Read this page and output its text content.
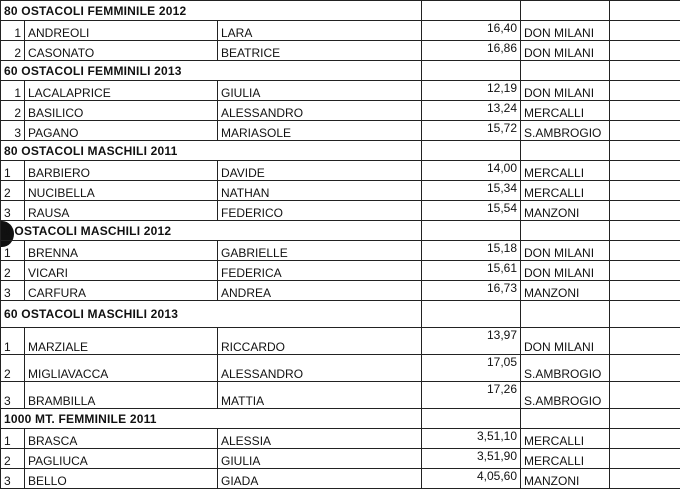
80 OSTACOLI FEMMINILE 2012					
1	ANDREOLI	LARA	16,40	DON MILANI	
2	CASONATO	BEATRICE	16,86	DON MILANI	
60 OSTACOLI FEMMINILI 2013					
1	LACALAPRICE	GIULIA	12,19	DON MILANI	
2	BASILICO	ALESSANDRO	13,24	MERCALLI	
3	PAGANO	MARIASOLE	15,72	S.AMBROGIO	
80 OSTACOLI MASCHILI 2011					
1	BARBIERO	DAVIDE	14,00	MERCALLI	
2	NUCIBELLA	NATHAN	15,34	MERCALLI	
3	RAUSA	FEDERICO	15,54	MANZONI	
0 OSTACOLI MASCHILI 2012					
1	BRENNA	GABRIELLE	15,18	DON MILANI	
2	VICARI	FEDERICA	15,61	DON MILANI	
3	CARFURA	ANDREA	16,73	MANZONI	
60 OSTACOLI MASCHILI 2013					
1	MARZIALE	RICCARDO	13,97	DON MILANI	
2	MIGLIAVACCA	ALESSANDRO	17,05	S.AMBROGIO	
3	BRAMBILLA	MATTIA	17,26	S.AMBROGIO	
1000 MT. FEMMINILE 2011					
1	BRASCA	ALESSIA	3,51,10	MERCALLI	
2	PAGLIUCA	GIULIA	3,51,90	MERCALLI	
3	BELLO	GIADA	4,05,60	MANZONI	
